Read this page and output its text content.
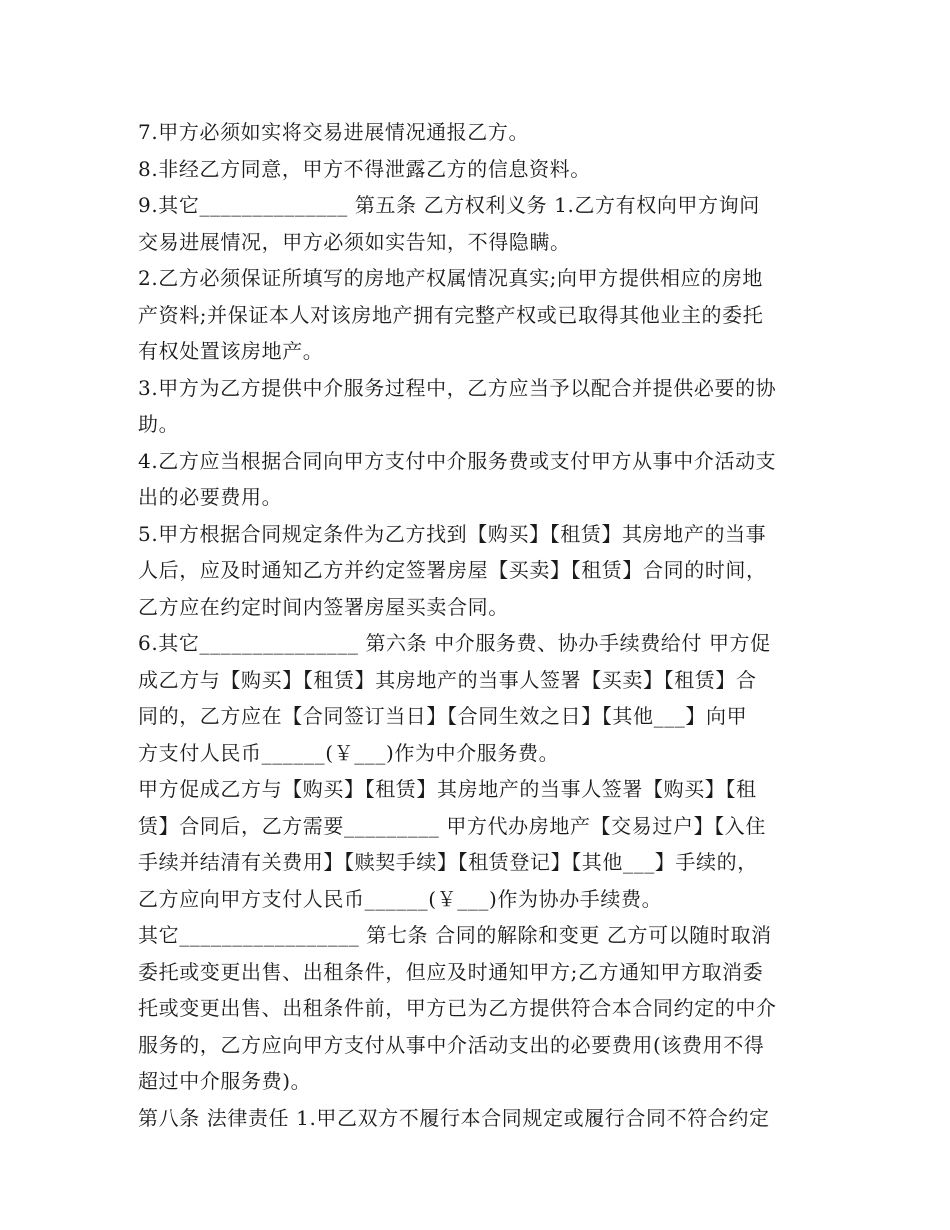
7.甲方必须如实将交易进展情况通报乙方。
8.非经乙方同意，甲方不得泄露乙方的信息资料。
9.其它______________ 第五条 乙方权利义务 1.乙方有权向甲方询问
交易进展情况，甲方必须如实告知，不得隐瞒。
2.乙方必须保证所填写的房地产权属情况真实;向甲方提供相应的房地
产资料;并保证本人对该房地产拥有完整产权或已取得其他业主的委托
有权处置该房地产。
3.甲方为乙方提供中介服务过程中，乙方应当予以配合并提供必要的协
助。
4.乙方应当根据合同向甲方支付中介服务费或支付甲方从事中介活动支
出的必要费用。
5.甲方根据合同规定条件为乙方找到【购买】【租赁】其房地产的当事
人后，应及时通知乙方并约定签署房屋【买卖】【租赁】合同的时间，
乙方应在约定时间内签署房屋买卖合同。
6.其它_______________ 第六条 中介服务费、协办手续费给付 甲方促
成乙方与【购买】【租赁】其房地产的当事人签署【买卖】【租赁】合
同的，乙方应在【合同签订当日】【合同生效之日】【其他___】向甲
方支付人民币______(￥___)作为中介服务费。
甲方促成乙方与【购买】【租赁】其房地产的当事人签署【购买】【租
赁】合同后，乙方需要_________ 甲方代办房地产【交易过户】【入住
手续并结清有关费用】【赎契手续】【租赁登记】【其他___】手续的，
乙方应向甲方支付人民币______(￥___)作为协办手续费。
其它_________________ 第七条 合同的解除和变更 乙方可以随时取消
委托或变更出售、出租条件，但应及时通知甲方;乙方通知甲方取消委
托或变更出售、出租条件前，甲方已为乙方提供符合本合同约定的中介
服务的，乙方应向甲方支付从事中介活动支出的必要费用(该费用不得
超过中介服务费)。
第八条 法律责任 1.甲乙双方不履行本合同规定或履行合同不符合约定
